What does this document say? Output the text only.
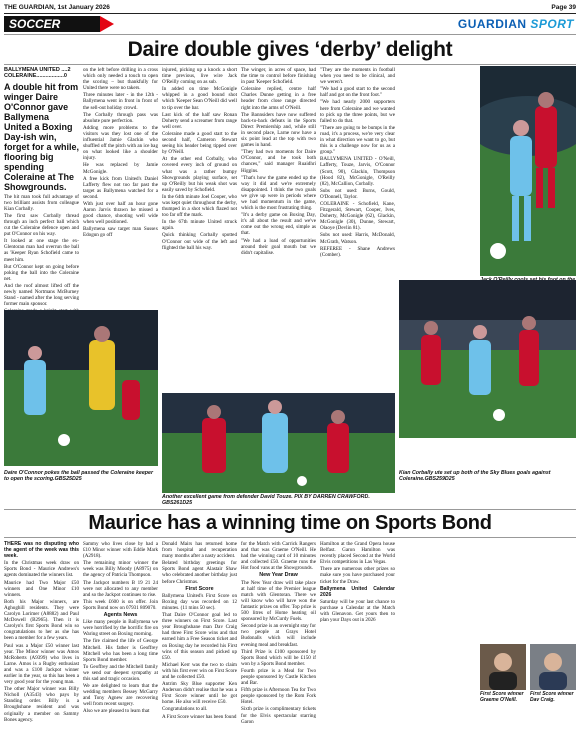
THE GUARDIAN, 1st January 2026	Page 39
SOCCER	GUARDIAN SPORT
Daire double gives ‘derby’ delight
BALLYMENA UNITED ....2
COLERAINE..................0
A double hit from winger Daire O'Connor gave Ballymena United a Boxing Day-ish win, forget for a while, flooring big spending Coleraine at The Showgrounds.

The hit man took full advantage of two brilliant assists from colleague Kian Corbally.

The first saw Corbally thread through an inch perfect ball which cut the Coleraine defence open and put O'Connor on his way.

It looked at one stage the ex-Glentoran man had overrun the ball as 'Keeper Ryan Schofield came to meet him.

But O'Connor kept on going before poking the ball into the Coleraine net.

And the roof almost lifted off the newly named Nortmans McBurney Stand - named after the long serving former main sponsor.

on the left before drilling in a cross which only needed a touch to open the scoring – but thankfully for United there were no takers.

Three minutes later - in the 12th - Ballymena went in front in front of the sell-out holiday crowd.

The Corbally through pass was absolute pure perfection.

Adding more problems to the visitors was they lost one of the influential Jamie Glackin who shuffled off the pitch with an ice bag on what looked like a shoulder injury.

He was replaced by Jamie McGonigle.

A free kick from United's Daniel Lafferty flew not too far past the target as Ballymena watched for a second.

With just over half an hour gone Aaron Jarvis thrawn he missed a good chance, shooting well wide when well positioned.

Ballymena saw target man Sussex Edogun go off

injured, picking up a knock a short time previous, live wire Jack O'Reilly coming on as sub.

In added on time McGonigle whipped in a good bound shot which 'Keeper Sean O'Neill did well to tip over the bar.

Last kick of the half saw Ronan Doherty send a screamer from range well over.

Coleraine made a good start to the second half, Cameron Stewart seeing his header being tipped over by O'Neill.

At the other end Corbally, who covered every inch of ground on what was a rather bumpy Showgrounds playing surface, set up O'Reilly but his weak shot was easily saved by Schofield.

In the 64th minute Joel Cooper, who was kept quiet throughout the derby, thumped in a shot which flazed not too far off the mark.

In the 67th minute United struck again.

Quick thinking Corbally spotted O'Connor out wide of the left and flighted the ball his way.

The winger, in acres of space, had the time to control before finishing in past 'Keeper Schofield.

Coleraine replied, centre half Charles Dunne getting in a free header from close range directed right into the arms of O'Neill.

The Bannsiders have now suffered back-to-back defeats in the Sports Direct Premiership and, while still in second place, Larne now have a six point lead at the top with two games in hand.

"They had two moments for Daire O'Connor, and he took both chances," said manager Ruaidhri Higgins.

"That's how the game ended up the way it did and we're extremely disappointed. I think the two goals we give up were in periods where we had momentum in the game, which is the most frustrating thing.

"It's a derby game on Boxing Day, it's all about the result and we've come out the wrong end, simple as that.

"We had a load of opportunities around their goal mouth but we didn't capitalise.

"They are the moments in football when you need to be clinical, and we weren't.

"We had a good start to the second half and got on the front foot."

"We had nearly 2000 supporters here from Coleraine and we wanted to pick up the three points, but we failed to do that.

"There are going to be bumps in the road, it's a process, we're very clear in what direction we want to go, but this is a challenge now for us as a group."

BALLYMENA UNITED - O'Neill, Lafferty, Touze, Jarvis, O'Connor (Scott, 90), Glackin, Thompson (Hood 82), McGonigle, O'Reilly (82), McCallion, Corbally.

Subs not used: Burns, Gould, O'Donnell, Taylor.

COLERAINE - Schofield, Kane, Fitzgerald, Stewart, Cooper, Ives, Doherty, McGonigle (62), Glackin, McGonigle (30), Dunne, Stewart, Olaoye (Devlin 81).

Subs not used: Harris, McDonald, McGrath, Watson.

REFEREE - Shane Andrews (Comber).

Kian Corbally ute set up both of the Sky Blues goals against Coleraine.GBS259D25
Daire O'Connor pokes the ball passed the Coleraine keeper to open the scoring.GBS25D25
Another excellent game from defender David Touze. PIX BY DARREN CRAWFORD. GBS261D25
Maurice has a winning time on Sports Bond

THERE was no disputing who the agent of the week was this week.

In the Christmas week draw on Sports Bond - Maurice Andrews's agents dominated the winners list.

Maurice had Two Major £50 winners and One Minor £10 winners.

Both his Major winners, are Aghoghill residents. They were Carolyn Lorimer (A8882) and Paul McDowell (B2965). Then it is Carolyn's first Sports Bond win so congratulations to her as she has been a member for a few years.

Paul was a Major £50 winner last year. The Minor winner was Amos McRoberts (A9399) who lives in Larne. Amos is a Rugby enthusiast and was a £100 Jackpot winner earlier in the year, so this has been a very good year for the young man.

The other Major winner was Billy Nicholl (A3543) who pays by Standing order. Billy is a Broughshane resident and was originally a member on Sammy Bones agency.

Sammy who lives close by had a £10 Minor winner with Eddie Mark (A2918).

The remaining minor winner the week was Billy Moody (A8975) on the agency of Patricia Thompson.

The Jackpot numbers B 19 21 24 were not allocated to any member and so the Jackpot continues to rise.

This week £600 is on offer. Join Sports Bond now on 07931 809070.

Agents News

Like many people in Ballymena we were horrified by the horrific fire on Waring street on Boxing morning.

The fire claimed the life of George Mitchell. His father is Geoffrey Mitchell who has been a long time Sports Bond member.

To Geoffrey and the Mitchell family we send our deepest sympathy at this sad and tragic occasion.

We are delighted to learn that the wedding members Bessey McGarry and Tony Agnew are recovering well from recent surgery.

Also we are pleased to learn that

Donald Mairs has returned home from hospital and recuperation many months after a nasty accident.

Belated birthday greetings for Sports Bond agent Alastair Shaw who celebrated another birthday just before Christmas.

First Score

Ballymena United's First Score on Boxing day was recorded on 12 minutes. (11 mins 50 sec).

That Daire O'Connor goal led to three winners on First Score. Last year Broughshane man Dav Craig had three First Score wins and that earned him a Free Season ticket and on Boxing day he recorded his First wins of this season and picked up £50.

Michael Kerr was the two to claim with his first ever win on First Score and he collected £50.

Antrim Sky Blue supporter Ken Anderson didn't realise that he was a First Score winner until he got home. He also will receive £50.

Congratulations to all.

A First Score winner has been found

for the Match with Carrick Rangers and that was Graeme O'Neill. He had the winning card of 10 minutes and collected £50. Graeme runs the Hot food vans at the Showgrounds.

New Year Draw

The New Year draw will take place at half time of the Premier league match with Glentoran. There we will know who will have won the fantastic prizes on offer. Top prize is 500 litres of Home heating oil sponsored by McCurdy Fuels.

Second prize is an overnight stay for two people at Grays Hotel Budonalls which will include evening meal and breakfast.

Third Prize is £100 sponsored by Sports Bond which will be £150 if won by a Sports Bond member.

Fourth prize is a Meal for Two people sponsored by Castle Kitchen and Bar.

Fifth prize is Afternoon Tea for Two people sponsored by the Rom Fork Hotel.

Sixth prize is complimentary tickets for the Elvis spectacular starring Garon

Hamilton at the Grand Opera house Belfast. Garon Hamilton was recently placed Second at the World Elvis competitions in Las Vegas.

There are numerous other prizes so make sure you have purchased your ticket for the Draw.

Ballymena United Calendar 2026

Saturday will be your last chance to purchase a Calendar at the Match with Glenavon. Get yours then to plan your Days out in 2026

First Score winner Graeme O'Neill.
First Score winner Dav Craig.
